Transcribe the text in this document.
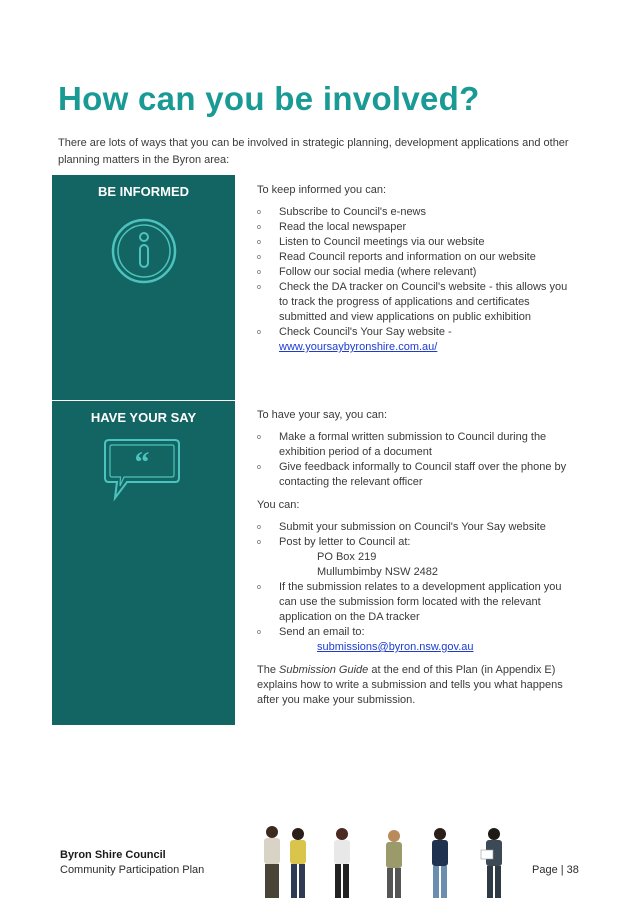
How can you be involved?
There are lots of ways that you can be involved in strategic planning, development applications and other planning matters in the Byron area:
BE INFORMED	To keep informed you can:

o Subscribe to Council's e-news
o Read the local newspaper
o Listen to Council meetings via our website
o Read Council reports and information on our website
o Follow our social media (where relevant)
o Check the DA tracker on Council's website - this allows you to track the progress of applications and certificates submitted and view applications on public exhibition
o Check Council's Your Say website -
www.yoursaybyronshire.com.au/
HAVE YOUR SAY
“

To have your say, you can:

o Make a formal written submission to Council during the exhibition period of a document
o Give feedback informally to Council staff over the phone by contacting the relevant officer

You can:

o Submit your submission on Council's Your Say website
o Post by letter to Council at:
PO Box 219
Mullumbimby NSW 2482
o If the submission relates to a development application you can use the submission form located with the relevant application on the DA tracker
o Send an email to:
submissions@byron.nsw.gov.au

The Submission Guide at the end of this Plan (in Appendix E) explains how to write a submission and tells you what happens after you make your submission.

Byron Shire Council
Community Participation Plan	Page | 38
